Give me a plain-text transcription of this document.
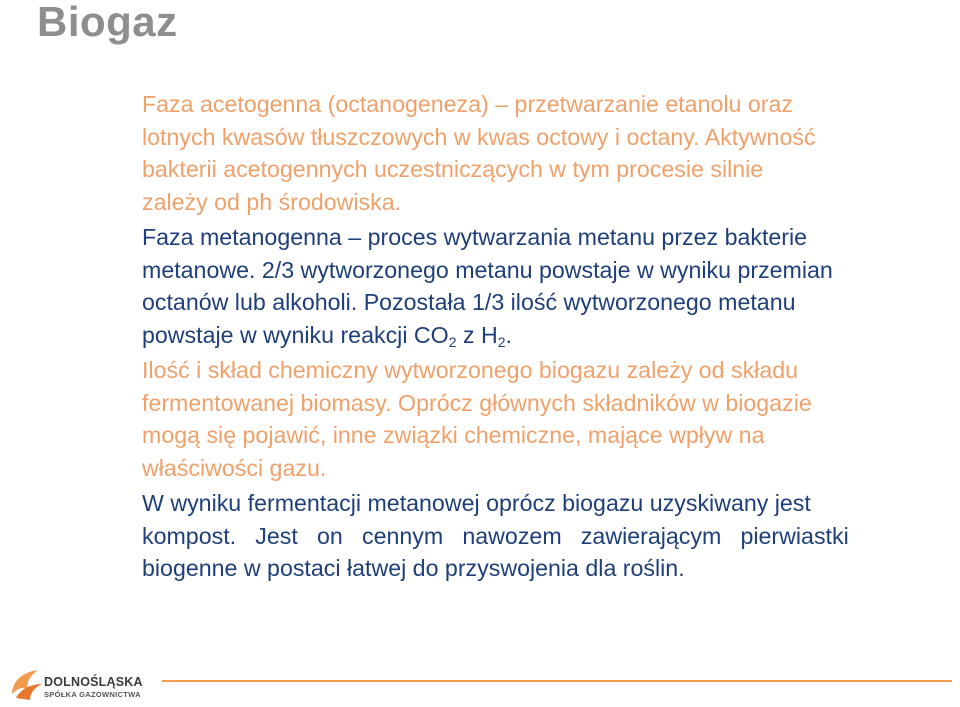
Biogaz

Faza acetogenna (octanogeneza) – przetwarzanie etanolu oraz
lotnych kwasów tłuszczowych w kwas octowy i octany. Aktywność
bakterii acetogennych uczestniczących w tym procesie silnie
zależy od ph środowiska.

Faza metanogenna – proces wytwarzania metanu przez bakterie
metanowe. 2/3 wytworzonego metanu powstaje w wyniku przemian
octanów lub alkoholi. Pozostała 1/3 ilość wytworzonego metanu
powstaje w wyniku reakcji $CO_2$ z $H_2$.

Ilość i skład chemiczny wytworzonego biogazu zależy od składu
fermentowanej biomasy. Oprócz głównych składników w biogazie
mogą się pojawić, inne związki chemiczne, mające wpływ na
właściwości gazu.

W wyniku fermentacji metanowej oprócz biogazu uzyskiwany jest
kompost. Jest on cennym nawozem zawierającym pierwiastki
biogenne w postaci łatwej do przyswojenia dla roślin.

DOLNOŚLĄSKA
SPÓŁKA GAZOWNICTWA
